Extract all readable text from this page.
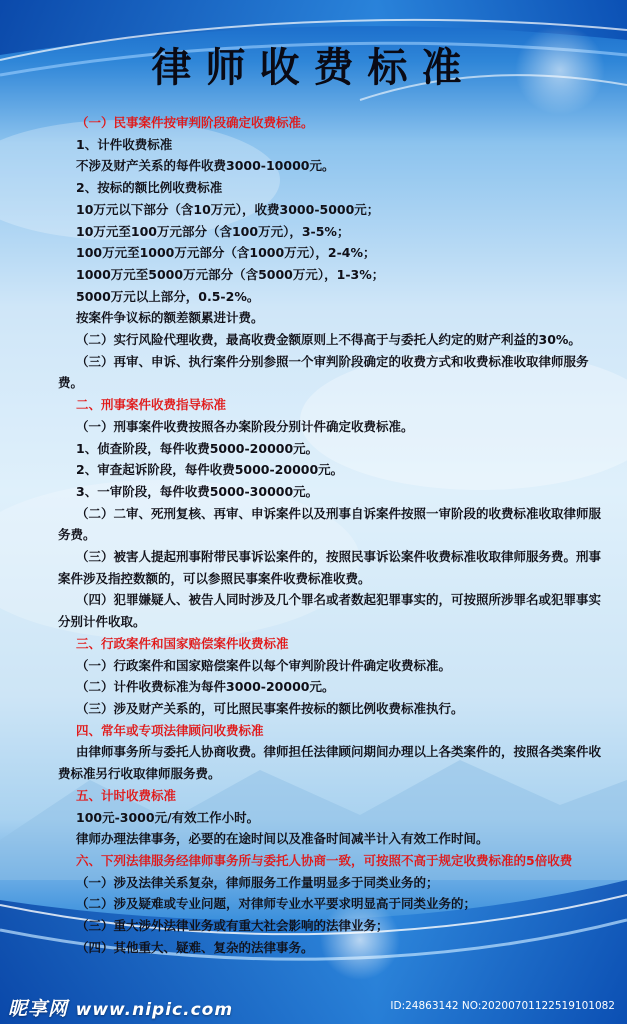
律师收费标准

（一）民事案件按审判阶段确定收费标准。

1、计件收费标准

不涉及财产关系的每件收费3000-10000元。

2、按标的额比例收费标准

10万元以下部分（含10万元），收费3000-5000元；

10万元至100万元部分（含100万元），3-5%；

100万元至1000万元部分（含1000万元），2-4%；

1000万元至5000万元部分（含5000万元），1-3%；

5000万元以上部分，0.5-2%。

按案件争议标的额差额累进计费。

（二）实行风险代理收费，最高收费金额原则上不得高于与委托人约定的财产利益的30%。

（三）再审、申诉、执行案件分别参照一个审判阶段确定的收费方式和收费标准收取律师服务费。

二、刑事案件收费指导标准

（一）刑事案件收费按照各办案阶段分别计件确定收费标准。

1、侦查阶段，每件收费5000-20000元。

2、审查起诉阶段，每件收费5000-20000元。

3、一审阶段，每件收费5000-30000元。

（二）二审、死刑复核、再审、申诉案件以及刑事自诉案件按照一审阶段的收费标准收取律师服务费。

（三）被害人提起刑事附带民事诉讼案件的，按照民事诉讼案件收费标准收取律师服务费。刑事案件涉及指控数额的，可以参照民事案件收费标准收费。

（四）犯罪嫌疑人、被告人同时涉及几个罪名或者数起犯罪事实的，可按照所涉罪名或犯罪事实分别计件收取。

三、行政案件和国家赔偿案件收费标准

（一）行政案件和国家赔偿案件以每个审判阶段计件确定收费标准。

（二）计件收费标准为每件3000-20000元。

（三）涉及财产关系的，可比照民事案件按标的额比例收费标准执行。

四、常年或专项法律顾问收费标准

由律师事务所与委托人协商收费。律师担任法律顾问期间办理以上各类案件的，按照各类案件收费标准另行收取律师服务费。

五、计时收费标准

100元-3000元/有效工作小时。

律师办理法律事务，必要的在途时间以及准备时间减半计入有效工作时间。

六、下列法律服务经律师事务所与委托人协商一致，可按照不高于规定收费标准的5倍收费

（一）涉及法律关系复杂，律师服务工作量明显多于同类业务的；

（二）涉及疑难或专业问题，对律师专业水平要求明显高于同类业务的；

（三）重大涉外法律业务或有重大社会影响的法律业务；

（四）其他重大、疑难、复杂的法律事务。

昵享网 www.nipic.com	ID:24863142 NO:20200701122519101082
